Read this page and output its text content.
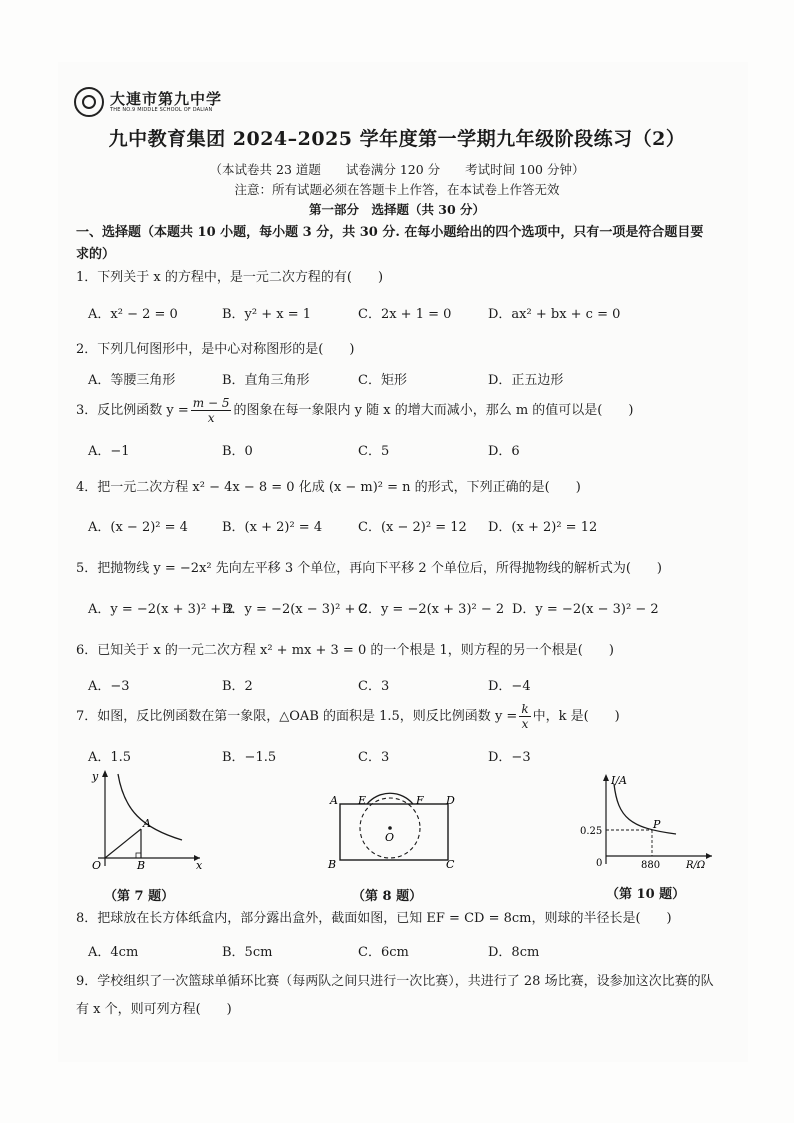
大連市第九中学
THE NO.9 MIDDLE SCHOOL OF DALIAN
九中教育集团 2024–2025 学年度第一学期九年级阶段练习（2）
（本试卷共 23 道题　　试卷满分 120 分　　考试时间 100 分钟）
注意：所有试题必须在答题卡上作答，在本试卷上作答无效
第一部分　选择题（共 30 分）
一、选择题（本题共 10 小题，每小题 3 分，共 30 分. 在每小题给出的四个选项中，只有一项是符合题目要求的）
1．下列关于 x 的方程中，是一元二次方程的有(　　)
A．x² − 2 = 0	B．y² + x = 1	C．2x + 1 = 0	D．ax² + bx + c = 0
2．下列几何图形中，是中心对称图形的是(　　)
A．等腰三角形	B．直角三角形	C．矩形	D．正五边形
3．反比例函数 $y = \frac{m - 5}{x}$ 的图象在每一象限内 y 随 x 的增大而减小，那么 m 的值可以是(　　)
A．−1	B．0	C．5	D．6
4．把一元二次方程 x² − 4x − 8 = 0 化成 (x − m)² = n 的形式，下列正确的是(　　)
A．(x − 2)² = 4	B．(x + 2)² = 4	C．(x − 2)² = 12 D．(x + 2)² = 12
5．把抛物线 y = −2x² 先向左平移 3 个单位，再向下平移 2 个单位后，所得抛物线的解析式为(　　)
A．y = −2(x + 3)² + 2
B．y = −2(x − 3)² + 2
C．y = −2(x + 3)² − 2 D．y = −2(x − 3)² − 2
6．已知关于 x 的一元二次方程 x² + mx + 3 = 0 的一个根是 1，则方程的另一个根是(　　)
A．−3	B．2	C．3	D．−4
7．如图，反比例函数在第一象限，△OAB 的面积是 1.5，则反比例函数 $y = \frac{k}{x}$ 中，k 是(　　)
A．1.5	B．−1.5	C．3	D．−3
y
x
O
A
B
（第 7 题）
A E	F D
O
B	C
（第 8 题）
I/A
R/Ω
0.25
880
0
P
（第 10 题）
8．把球放在长方体纸盒内，部分露出盒外，截面如图，已知 EF = CD = 8cm，则球的半径长是(　　)
A．4cm	B．5cm	C．6cm	D．8cm
9．学校组织了一次篮球单循环比赛（每两队之间只进行一次比赛），共进行了 28 场比赛，设参加这次比赛的队有 x 个，则可列方程(　　)
